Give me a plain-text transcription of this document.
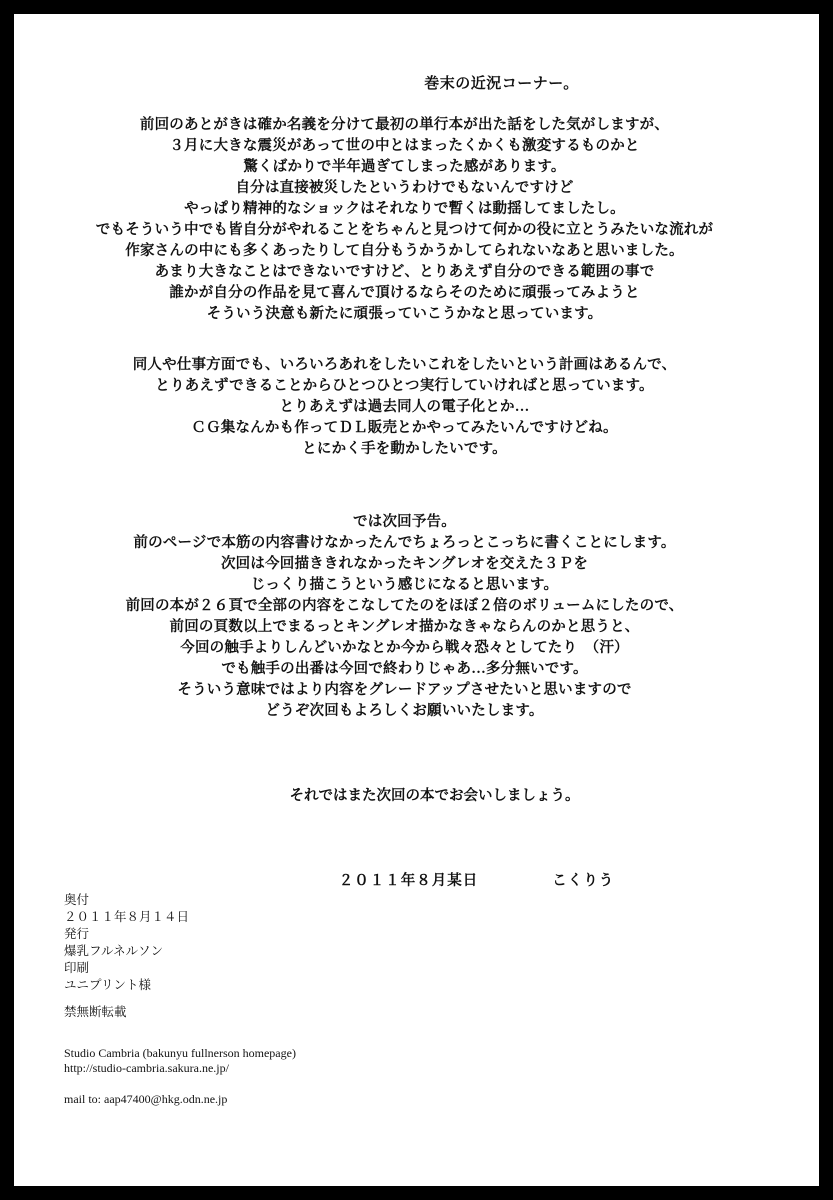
巻末の近況コーナー。

前回のあとがきは確か名義を分けて最初の単行本が出た話をした気がしますが、

３月に大きな震災があって世の中とはまったくかくも激変するものかと

驚くばかりで半年過ぎてしまった感があります。

自分は直接被災したというわけでもないんですけど

やっぱり精神的なショックはそれなりで暫くは動揺してましたし。

でもそういう中でも皆自分がやれることをちゃんと見つけて何かの役に立とうみたいな流れが

作家さんの中にも多くあったりして自分もうかうかしてられないなあと思いました。

あまり大きなことはできないですけど、とりあえず自分のできる範囲の事で

誰かが自分の作品を見て喜んで頂けるならそのために頑張ってみようと

そういう決意も新たに頑張っていこうかなと思っています。

同人や仕事方面でも、いろいろあれをしたいこれをしたいという計画はあるんで、

とりあえずできることからひとつひとつ実行していければと思っています。

とりあえずは過去同人の電子化とか…

ＣＧ集なんかも作ってＤＬ販売とかやってみたいんですけどね。

とにかく手を動かしたいです。

では次回予告。

前のページで本筋の内容書けなかったんでちょろっとこっちに書くことにします。

次回は今回描ききれなかったキングレオを交えた３Ｐを

じっくり描こうという感じになると思います。

前回の本が２６頁で全部の内容をこなしてたのをほぼ２倍のボリュームにしたので、

前回の頁数以上でまるっとキングレオ描かなきゃならんのかと思うと、

今回の触手よりしんどいかなとか今から戦々恐々としてたり　（汗）

でも触手の出番は今回で終わりじゃあ…多分無いです。

そういう意味ではより内容をグレードアップさせたいと思いますので

どうぞ次回もよろしくお願いいたします。

それではまた次回の本でお会いしましょう。
２０１１年８月某日	こくりう
奥付
２０１１年８月１４日
発行
爆乳フルネルソン
印刷
ユニプリント様
禁無断転載
Studio Cambria (bakunyu fullnerson homepage)
http://studio-cambria.sakura.ne.jp/
mail to: aap47400@hkg.odn.ne.jp
